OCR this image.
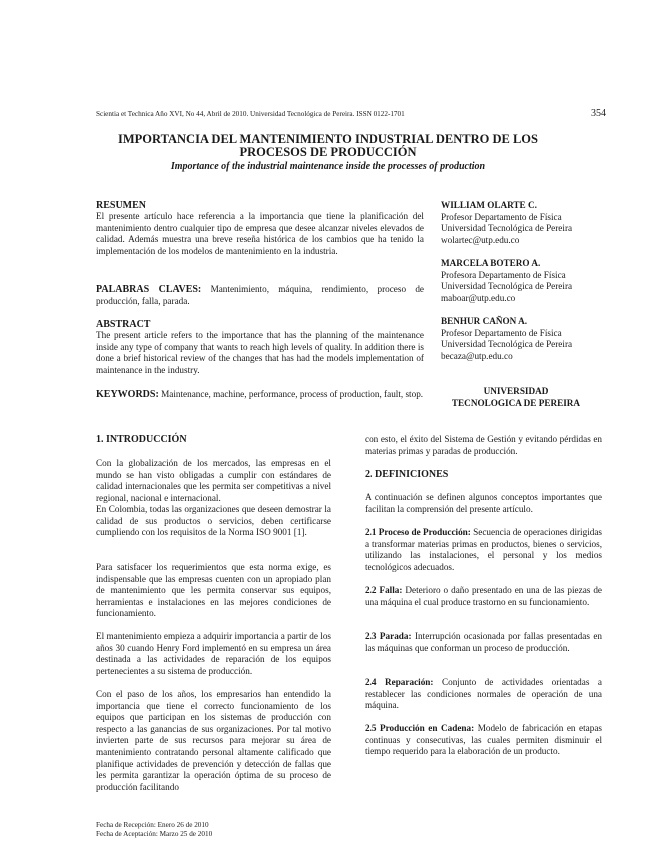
Scientia et Technica Año XVI, No 44, Abril de 2010. Universidad Tecnológica de Pereira. ISSN 0122-1701	354
IMPORTANCIA DEL MANTENIMIENTO INDUSTRIAL DENTRO DE LOS PROCESOS DE PRODUCCIÓN
Importance of the industrial maintenance inside the processes of production
RESUMEN
El presente artículo hace referencia a la importancia que tiene la planificación del mantenimiento dentro cualquier tipo de empresa que desee alcanzar niveles elevados de calidad. Además muestra una breve reseña histórica de los cambios que ha tenido la implementación de los modelos de mantenimiento en la industria.
PALABRAS CLAVES: Mantenimiento, máquina, rendimiento, proceso de producción, falla, parada.
ABSTRACT
The present article refers to the importance that has the planning of the maintenance inside any type of company that wants to reach high levels of quality. In addition there is done a brief historical review of the changes that has had the models implementation of maintenance in the industry.
KEYWORDS: Maintenance, machine, performance, process of production, fault, stop.
WILLIAM OLARTE C.
Profesor Departamento de Física
Universidad Tecnológica de Pereira
wolartec@utp.edu.co
MARCELA BOTERO A.
Profesora Departamento de Física
Universidad Tecnológica de Pereira
maboar@utp.edu.co
BENHUR CAÑON A.
Profesor Departamento de Física
Universidad Tecnológica de Pereira
becaza@utp.edu.co
UNIVERSIDAD
TECNOLOGICA DE PEREIRA
1. INTRODUCCIÓN
Con la globalización de los mercados, las empresas en el mundo se han visto obligadas a cumplir con estándares de calidad internacionales que les permita ser competitivas a nivel regional, nacional e internacional.
En Colombia, todas las organizaciones que deseen demostrar la calidad de sus productos o servicios, deben certificarse cumpliendo con los requisitos de la Norma ISO 9001 [1].
Para satisfacer los requerimientos que esta norma exige, es indispensable que las empresas cuenten con un apropiado plan de mantenimiento que les permita conservar sus equipos, herramientas e instalaciones en las mejores condiciones de funcionamiento.
El mantenimiento empieza a adquirir importancia a partir de los años 30 cuando Henry Ford implementó en su empresa un área destinada a las actividades de reparación de los equipos pertenecientes a su sistema de producción.
Con el paso de los años, los empresarios han entendido la importancia que tiene el correcto funcionamiento de los equipos que participan en los sistemas de producción con respecto a las ganancias de sus organizaciones. Por tal motivo invierten parte de sus recursos para mejorar su área de mantenimiento contratando personal altamente calificado que planifique actividades de prevención y detección de fallas que les permita garantizar la operación óptima de su proceso de producción facilitando
con esto, el éxito del Sistema de Gestión y evitando pérdidas en materias primas y paradas de producción.
2. DEFINICIONES
A continuación se definen algunos conceptos importantes que facilitan la comprensión del presente artículo.
2.1 Proceso de Producción: Secuencia de operaciones dirigidas a transformar materias primas en productos, bienes o servicios, utilizando las instalaciones, el personal y los medios tecnológicos adecuados.
2.2 Falla: Deterioro o daño presentado en una de las piezas de una máquina el cual produce trastorno en su funcionamiento.
2.3 Parada: Interrupción ocasionada por fallas presentadas en las máquinas que conforman un proceso de producción.
2.4 Reparación: Conjunto de actividades orientadas a restablecer las condiciones normales de operación de una máquina.
2.5 Producción en Cadena: Modelo de fabricación en etapas continuas y consecutivas, las cuales permiten disminuir el tiempo requerido para la elaboración de un producto.
Fecha de Recepción: Enero 26 de 2010
Fecha de Aceptación: Marzo 25 de 2010
